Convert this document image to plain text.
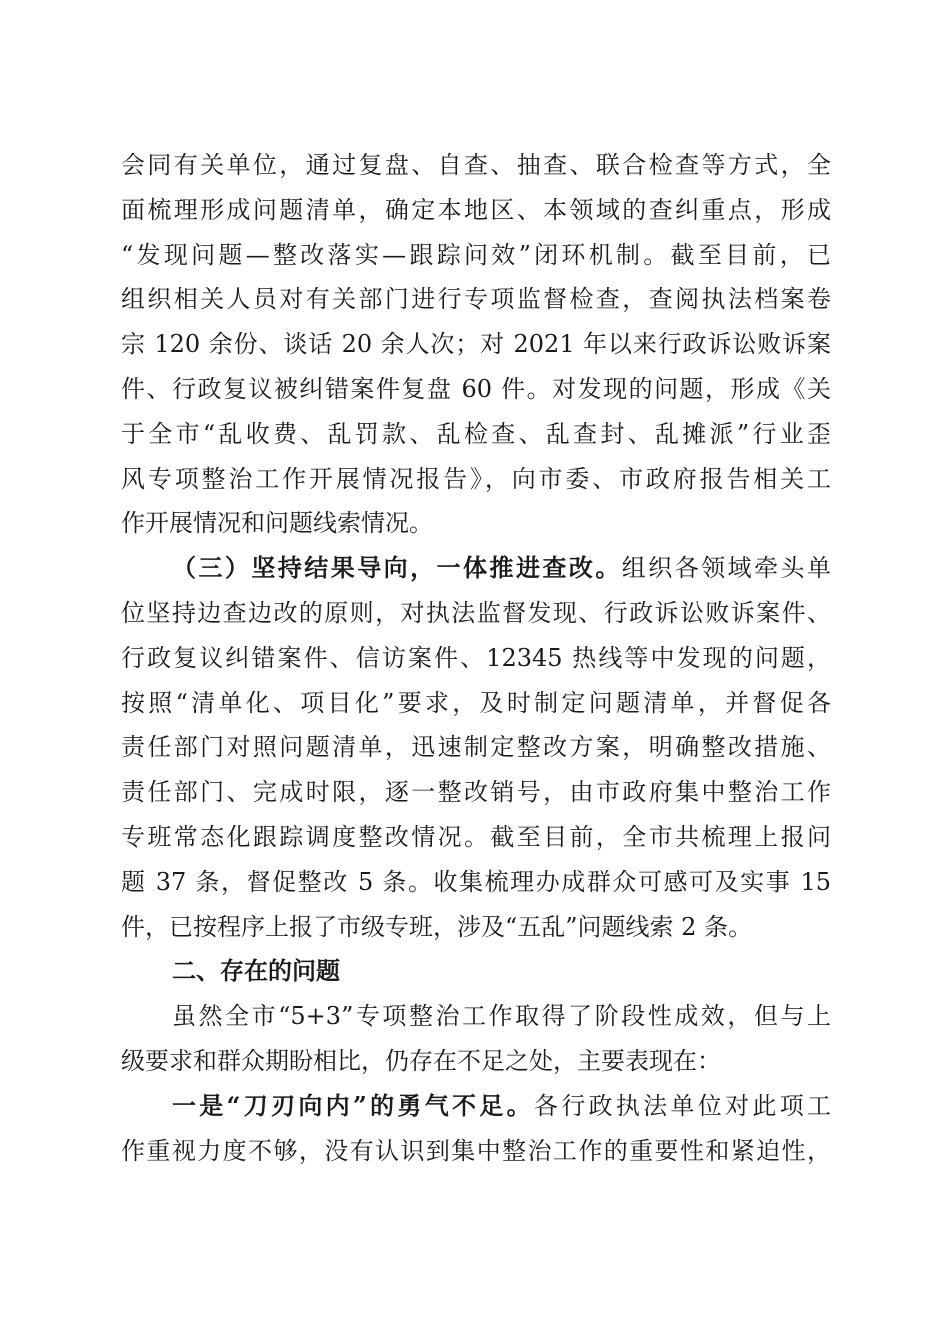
会同有关单位，通过复盘、自查、抽查、联合检查等方式，全
面梳理形成问题清单，确定本地区、本领域的查纠重点，形成
“发现问题—整改落实—跟踪问效”闭环机制。截至目前，已
组织相关人员对有关部门进行专项监督检查，查阅执法档案卷
宗 120 余份、谈话 20 余人次；对 2021 年以来行政诉讼败诉案
件、行政复议被纠错案件复盘 60 件。对发现的问题，形成《关
于全市“乱收费、乱罚款、乱检查、乱查封、乱摊派”行业歪
风专项整治工作开展情况报告》，向市委、市政府报告相关工
作开展情况和问题线索情况。
（三）坚持结果导向，一体推进查改。组织各领域牵头单
位坚持边查边改的原则，对执法监督发现、行政诉讼败诉案件、
行政复议纠错案件、信访案件、12345 热线等中发现的问题，
按照“清单化、项目化”要求，及时制定问题清单，并督促各
责任部门对照问题清单，迅速制定整改方案，明确整改措施、
责任部门、完成时限，逐一整改销号，由市政府集中整治工作
专班常态化跟踪调度整改情况。截至目前，全市共梳理上报问
题 37 条，督促整改 5 条。收集梳理办成群众可感可及实事 15
件，已按程序上报了市级专班，涉及“五乱”问题线索 2 条。
二、存在的问题
虽然全市“5+3”专项整治工作取得了阶段性成效，但与上
级要求和群众期盼相比，仍存在不足之处，主要表现在：
一是“刀刃向内”的勇气不足。各行政执法单位对此项工
作重视力度不够，没有认识到集中整治工作的重要性和紧迫性，
